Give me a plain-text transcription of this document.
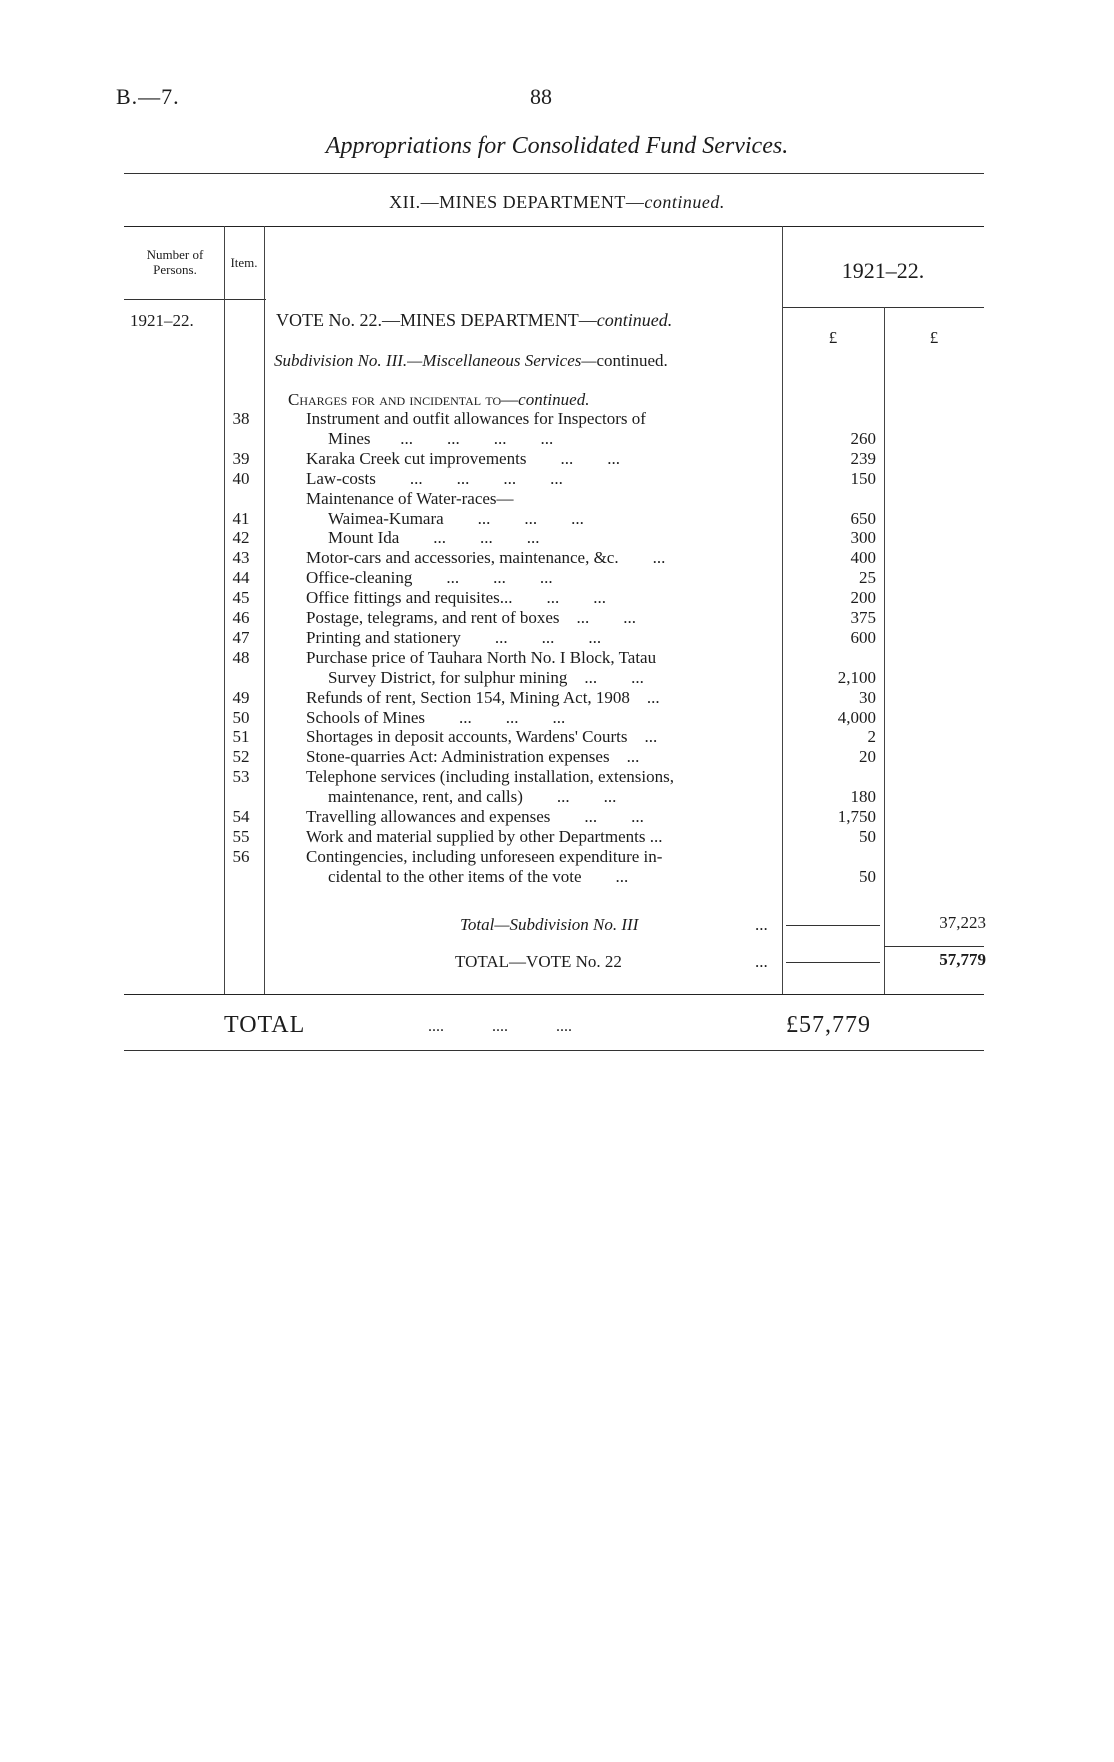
B.—7.	88
Appropriations for Consolidated Fund Services.
XII.—MINES DEPARTMENT—continued.
Number of Persons.	Item.	1921–22.
1921–22.
£	£
VOTE No. 22.—MINES DEPARTMENT—continued.
Subdivision No. III.—Miscellaneous Services—continued.
Charges for and incidental to—continued.
38	Instrument and outfit allowances for Inspectors of
Mines       ...        ...        ...        ...	260
39	Karaka Creek cut improvements        ...        ...	239
40	Law-costs        ...        ...        ...        ...	150
Maintenance of Water-races—
41	Waimea-Kumara        ...        ...        ...	650
42	Mount Ida        ...        ...        ...	300
43	Motor-cars and accessories, maintenance, &c.        ...	400
44	Office-cleaning        ...        ...        ...	25
45	Office fittings and requisites...        ...        ...	200
46	Postage, telegrams, and rent of boxes    ...        ...	375
47	Printing and stationery        ...        ...        ...	600
48	Purchase price of Tauhara North No. I Block, Tatau
Survey District, for sulphur mining    ...        ...	2,100
49	Refunds of rent, Section 154, Mining Act, 1908    ...	30
50	Schools of Mines        ...        ...        ...	4,000
51	Shortages in deposit accounts, Wardens' Courts    ...	2
52	Stone-quarries Act: Administration expenses    ...	20
53	Telephone services (including installation, extensions,
maintenance, rent, and calls)        ...        ...	180
54	Travelling allowances and expenses        ...        ...	1,750
55	Work and material supplied by other Departments ...	50
56	Contingencies, including unforeseen expenditure in-
cidental to the other items of the vote        ...	50
Total—Subdivision No. III	...	37,223
TOTAL—VOTE No. 22	...	57,779
TOTAL	....            ....            ....	£57,779
